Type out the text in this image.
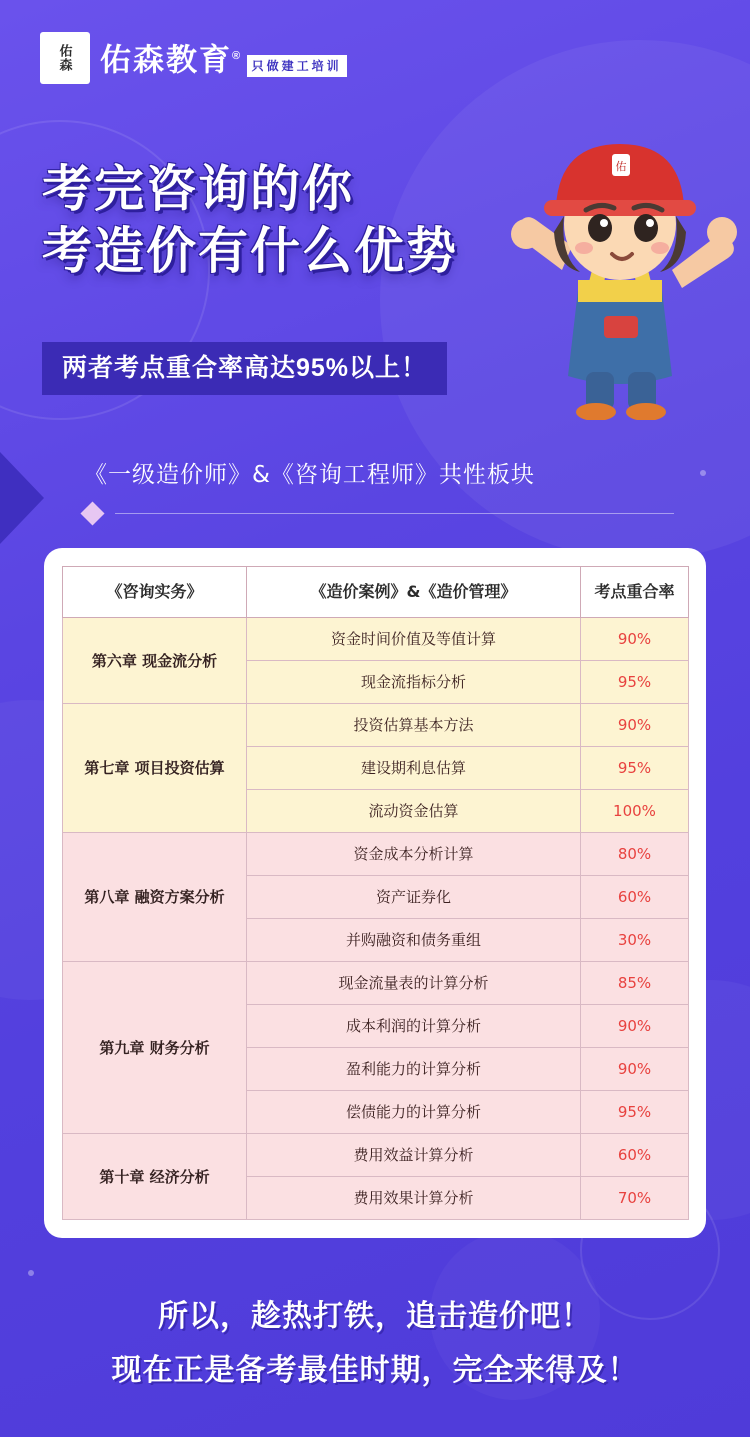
佑森 佑森教育® 只做建工培训
佑
考完咨询的你
考造价有什么优势
两者考点重合率高达95%以上！
《一级造价师》&《咨询工程师》共性板块
《咨询实务》	《造价案例》&《造价管理》	考点重合率
第六章 现金流分析	资金时间价值及等值计算	90%
	现金流指标分析	95%
第七章 项目投资估算	投资估算基本方法	90%
	建设期利息估算	95%
	流动资金估算	100%
第八章 融资方案分析	资金成本分析计算	80%
	资产证券化	60%
	并购融资和债务重组	30%
第九章 财务分析	现金流量表的计算分析	85%
	成本利润的计算分析	90%
	盈利能力的计算分析	90%
	偿债能力的计算分析	95%
第十章 经济分析	费用效益计算分析	60%
	费用效果计算分析	70%
所以，趁热打铁，追击造价吧！
现在正是备考最佳时期，完全来得及！
